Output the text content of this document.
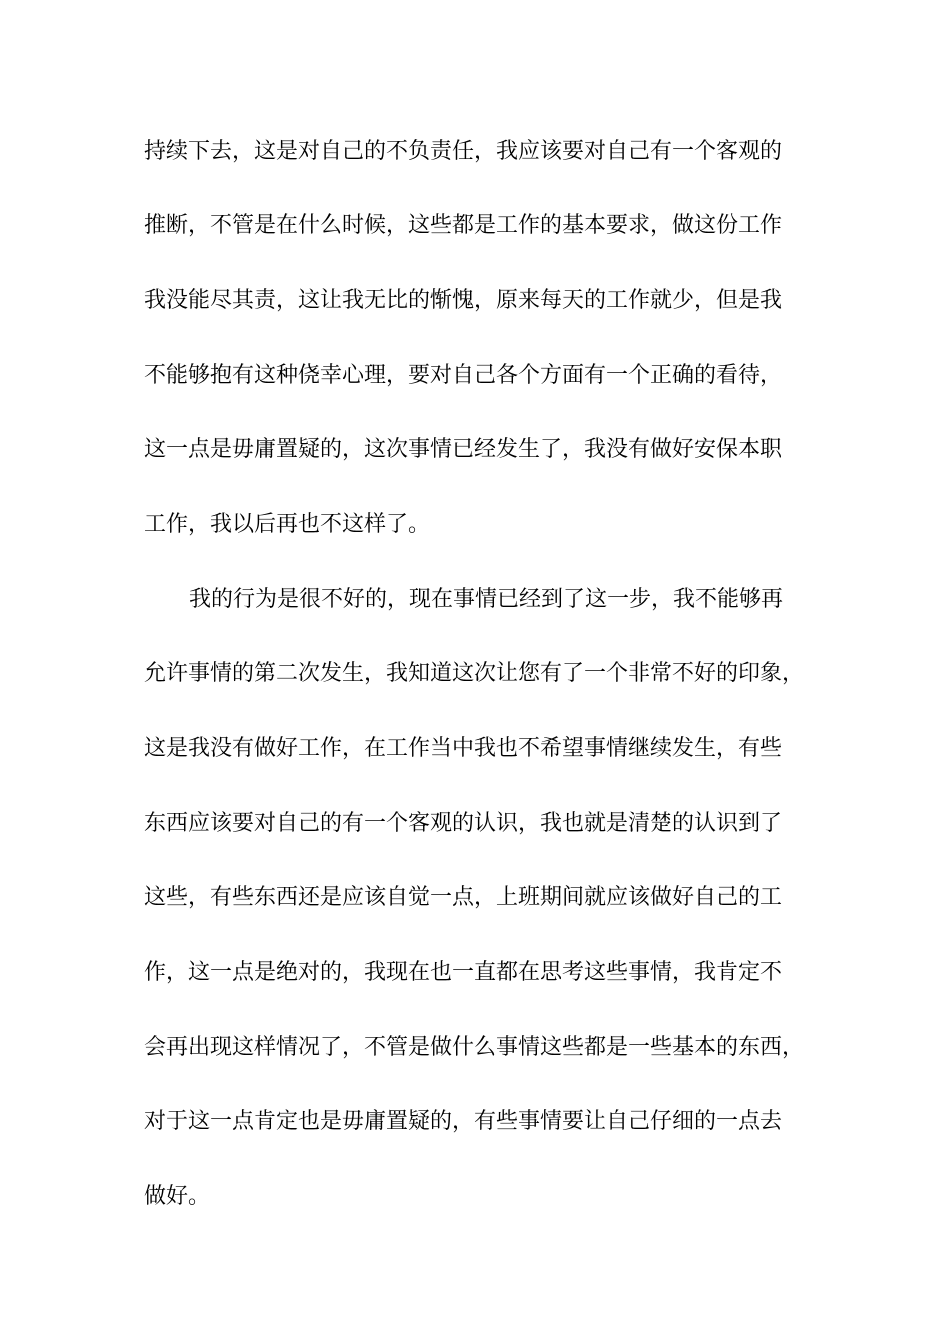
持续下去，这是对自己的不负责任，我应该要对自己有一个客观的
推断，不管是在什么时候，这些都是工作的基本要求，做这份工作
我没能尽其责，这让我无比的惭愧，原来每天的工作就少，但是我
不能够抱有这种侥幸心理，要对自己各个方面有一个正确的看待，
这一点是毋庸置疑的，这次事情已经发生了，我没有做好安保本职
工作，我以后再也不这样了。
我的行为是很不好的，现在事情已经到了这一步，我不能够再
允许事情的第二次发生，我知道这次让您有了一个非常不好的印象，
这是我没有做好工作，在工作当中我也不希望事情继续发生，有些
东西应该要对自己的有一个客观的认识，我也就是清楚的认识到了
这些，有些东西还是应该自觉一点，上班期间就应该做好自己的工
作，这一点是绝对的，我现在也一直都在思考这些事情，我肯定不
会再出现这样情况了，不管是做什么事情这些都是一些基本的东西，
对于这一点肯定也是毋庸置疑的，有些事情要让自己仔细的一点去
做好。
